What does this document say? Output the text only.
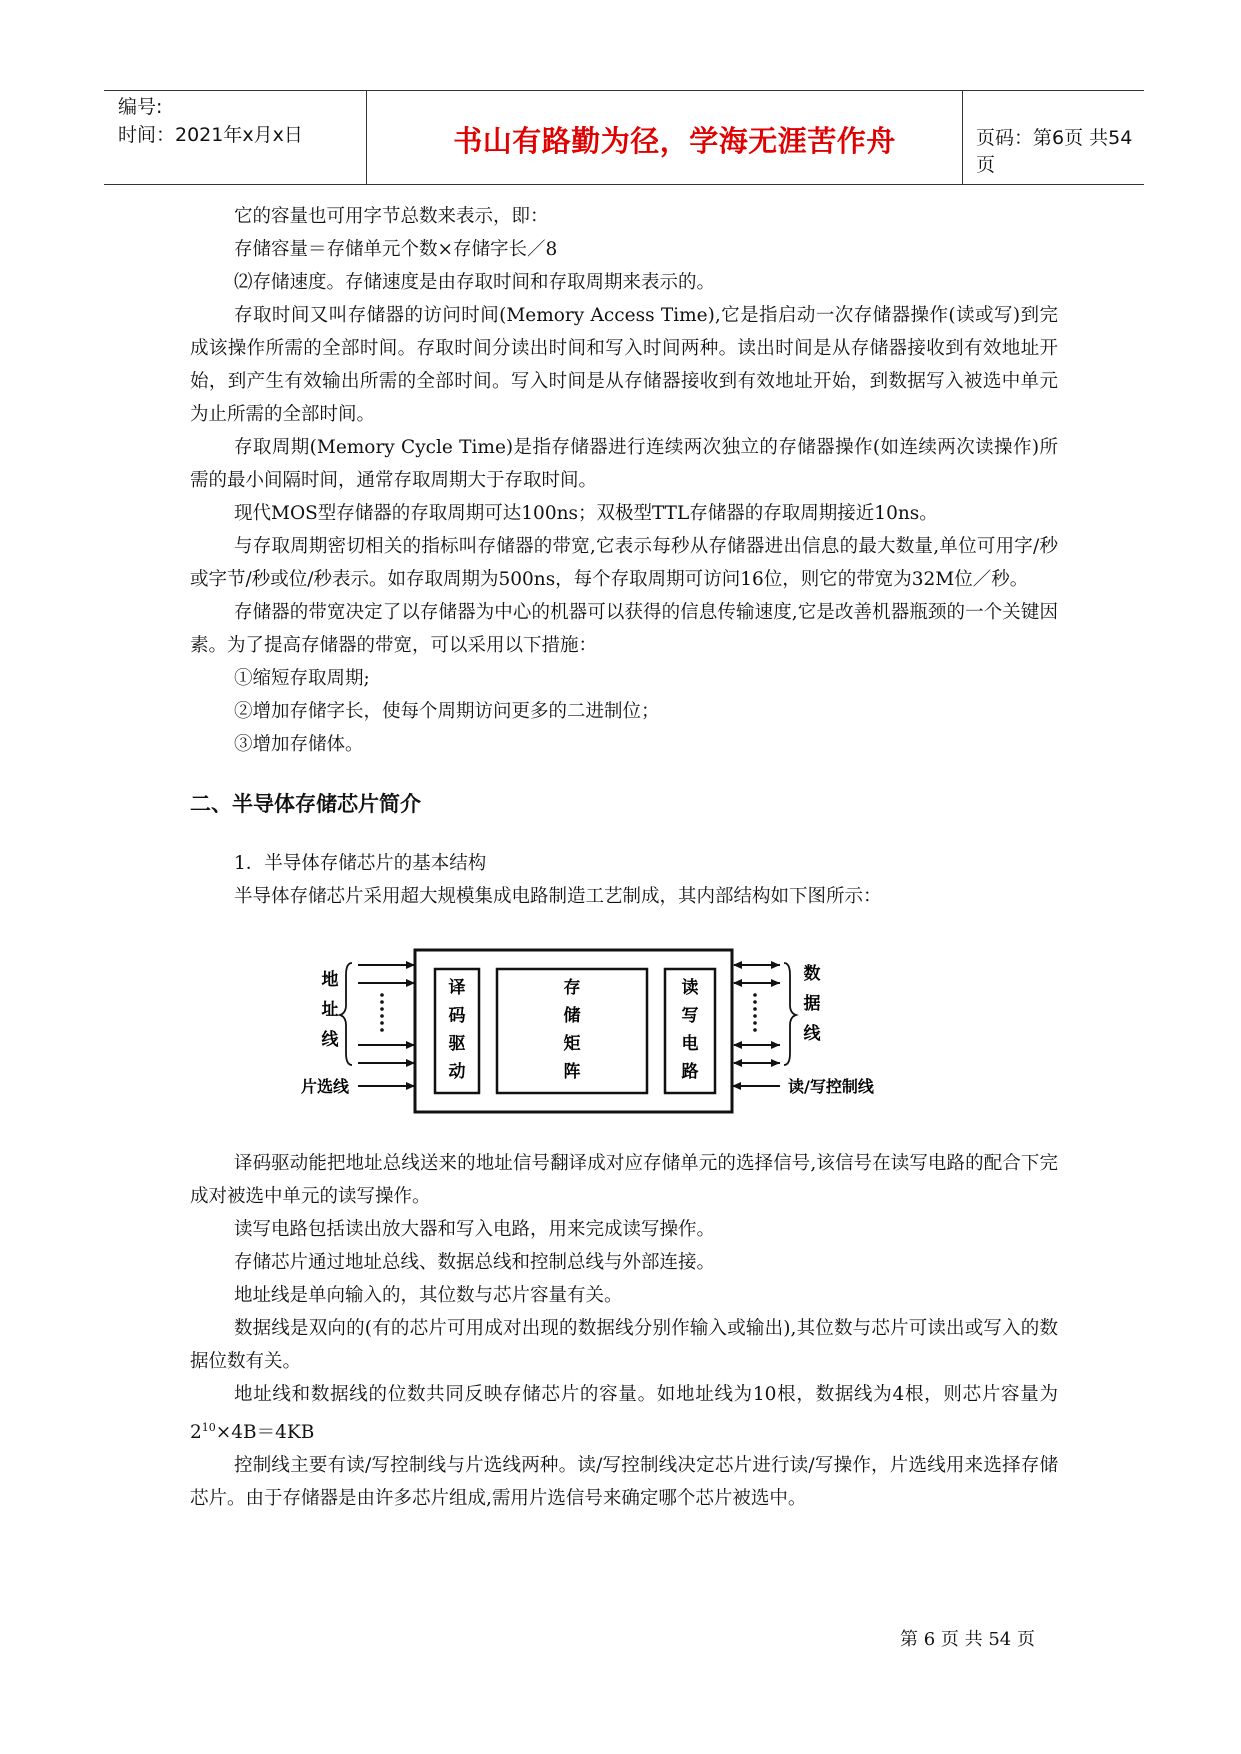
编号:
时间：2021年x月x日	书山有路勤为径，学海无涯苦作舟	页码：第6页 共54页

它的容量也可用字节总数来表示，即：

存储容量＝存储单元个数×存储字长／8

⑵存储速度。存储速度是由存取时间和存取周期来表示的。

存取时间又叫存储器的访问时间(Memory Access Time),它是指启动一次存储器操作(读或写)到完成该操作所需的全部时间。存取时间分读出时间和写入时间两种。读出时间是从存储器接收到有效地址开始，到产生有效输出所需的全部时间。写入时间是从存储器接收到有效地址开始，到数据写入被选中单元为止所需的全部时间。

存取周期(Memory Cycle Time)是指存储器进行连续两次独立的存储器操作(如连续两次读操作)所需的最小间隔时间，通常存取周期大于存取时间。

现代MOS型存储器的存取周期可达100ns；双极型TTL存储器的存取周期接近10ns。

与存取周期密切相关的指标叫存储器的带宽,它表示每秒从存储器进出信息的最大数量,单位可用字/秒或字节/秒或位/秒表示。如存取周期为500ns，每个存取周期可访问16位，则它的带宽为32M位／秒。

存储器的带宽决定了以存储器为中心的机器可以获得的信息传输速度,它是改善机器瓶颈的一个关键因素。为了提高存储器的带宽，可以采用以下措施：

①缩短存取周期;

②增加存储字长，使每个周期访问更多的二进制位；

③增加存储体。

二、半导体存储芯片简介

1．半导体存储芯片的基本结构

半导体存储芯片采用超大规模集成电路制造工艺制成，其内部结构如下图所示：

地
址
线
片选线
译
码
驱
动
存
储
矩
阵
读
写
电
路
数
据
线
读/写控制线

译码驱动能把地址总线送来的地址信号翻译成对应存储单元的选择信号,该信号在读写电路的配合下完成对被选中单元的读写操作。

读写电路包括读出放大器和写入电路，用来完成读写操作。

存储芯片通过地址总线、数据总线和控制总线与外部连接。

地址线是单向输入的，其位数与芯片容量有关。

数据线是双向的(有的芯片可用成对出现的数据线分别作输入或输出),其位数与芯片可读出或写入的数据位数有关。

地址线和数据线的位数共同反映存储芯片的容量。如地址线为10根，数据线为4根，则芯片容量为$2^{10}\times 4B=4KB$

控制线主要有读/写控制线与片选线两种。读/写控制线决定芯片进行读/写操作，片选线用来选择存储芯片。由于存储器是由许多芯片组成,需用片选信号来确定哪个芯片被选中。

第 6 页 共 54 页
